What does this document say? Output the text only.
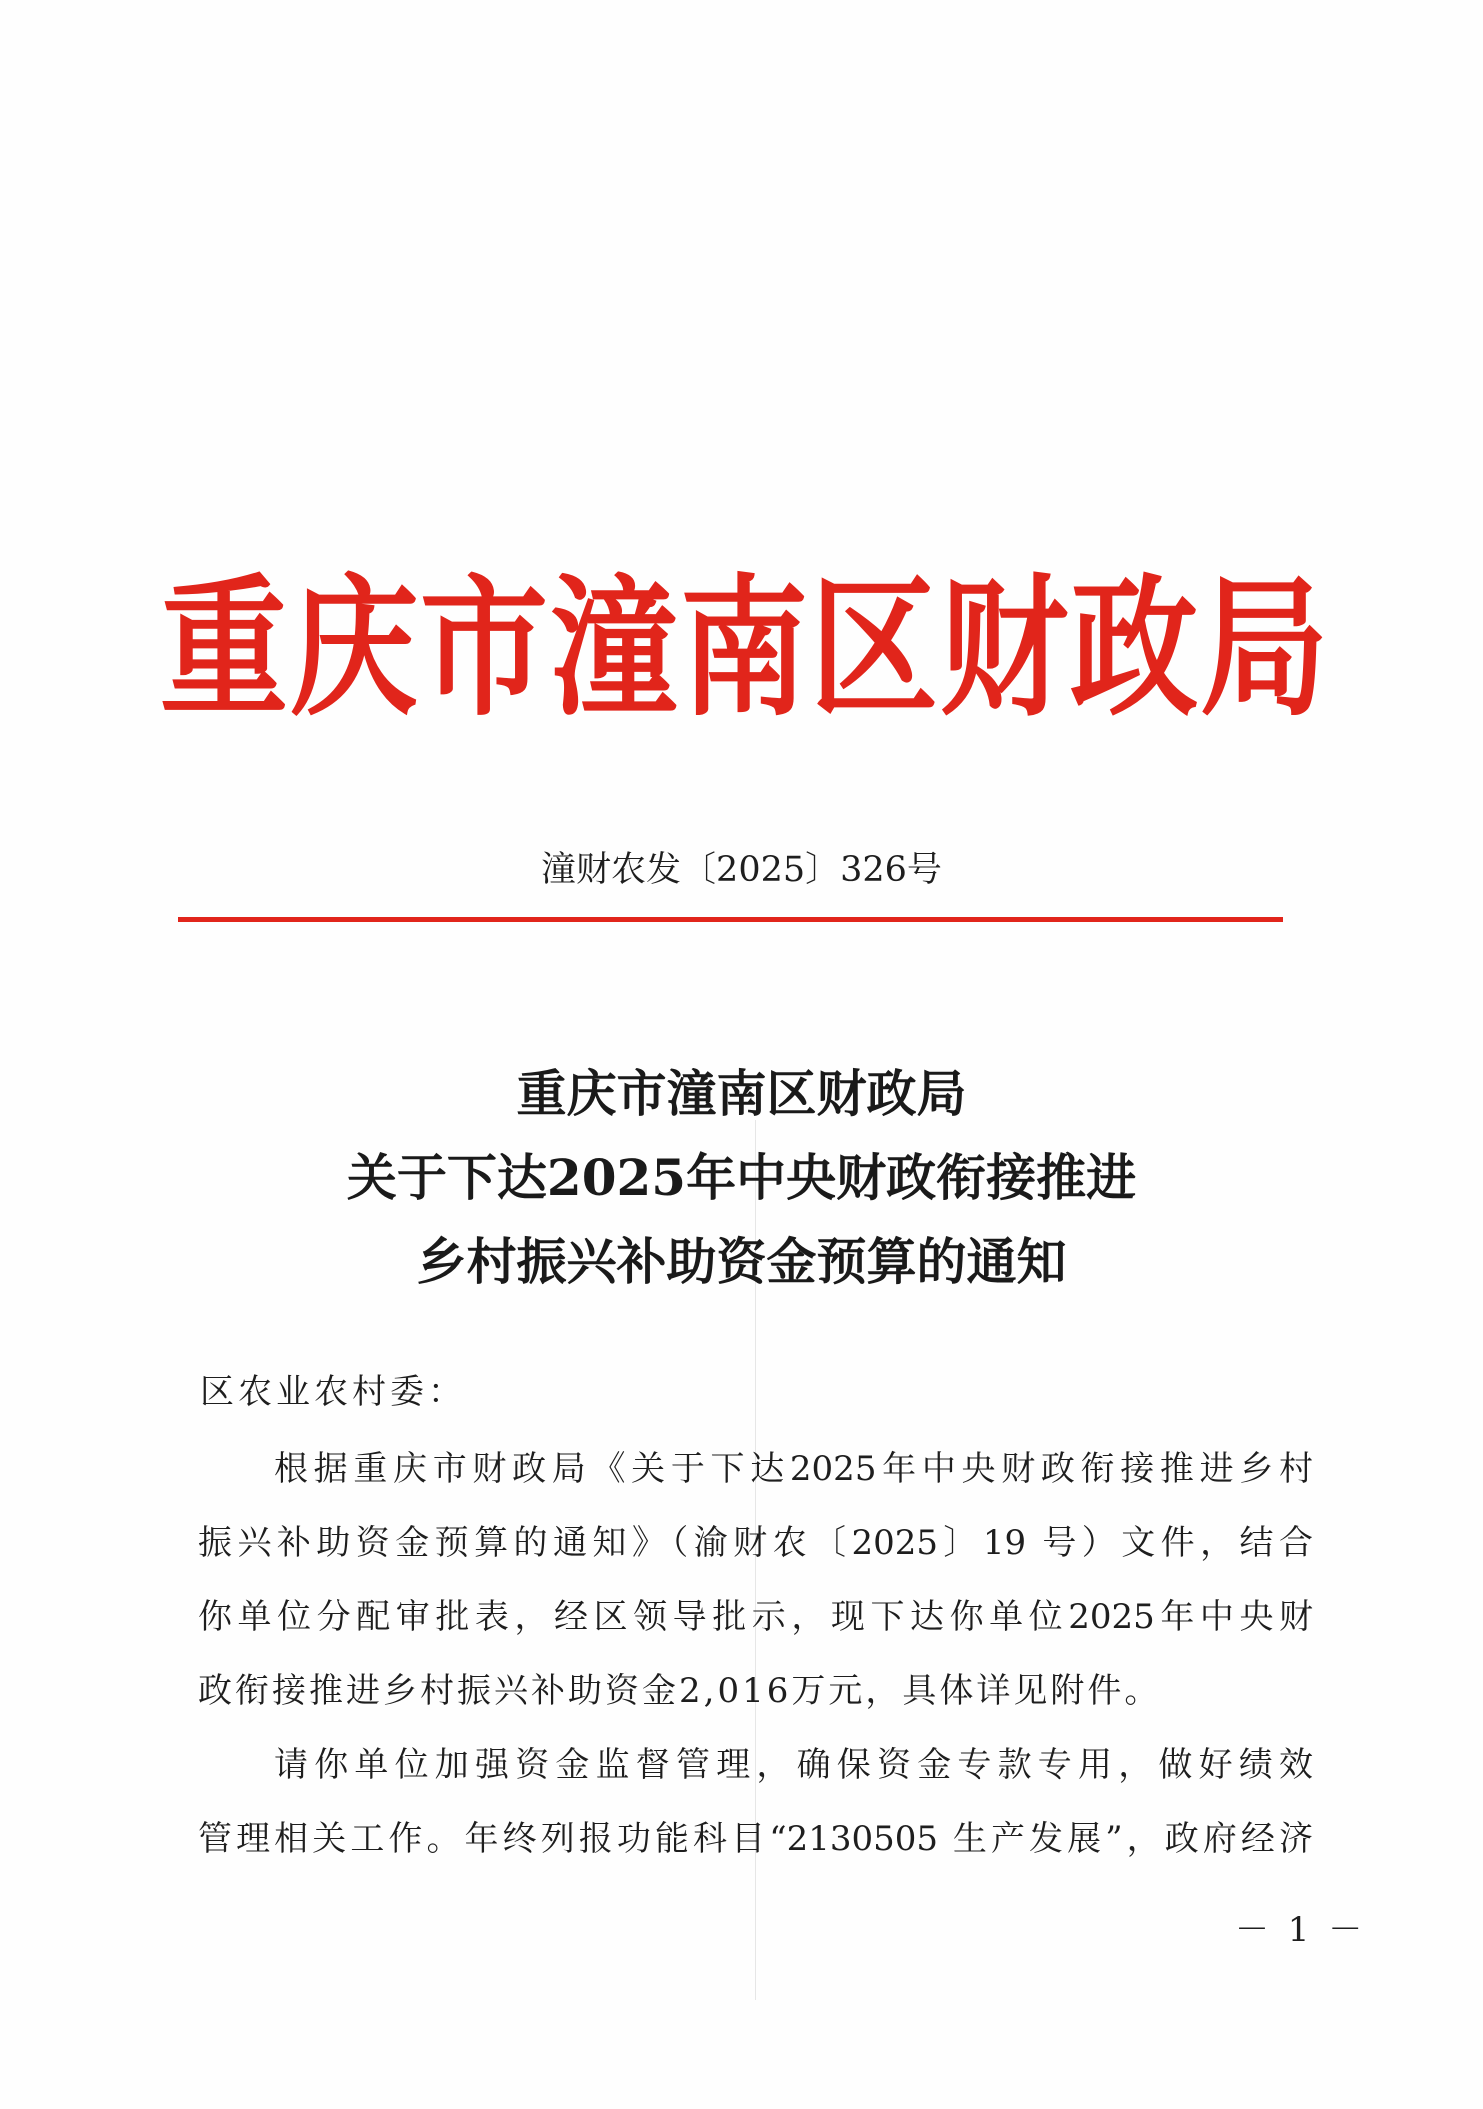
重庆市潼南区财政局
潼财农发〔2025〕326号
重庆市潼南区财政局
关于下达2025年中央财政衔接推进
乡村振兴补助资金预算的通知
区农业农村委：
根据重庆市财政局《关于下达2025年中央财政衔接推进乡村
振兴补助资金预算的通知》（渝财农〔2025〕19 号）文件，结合
你单位分配审批表，经区领导批示，现下达你单位2025年中央财
政衔接推进乡村振兴补助资金2,016万元，具体详见附件。
请你单位加强资金监督管理，确保资金专款专用，做好绩效
管理相关工作。年终列报功能科目“2130505 生产发展”，政府经济
－ 1 －
